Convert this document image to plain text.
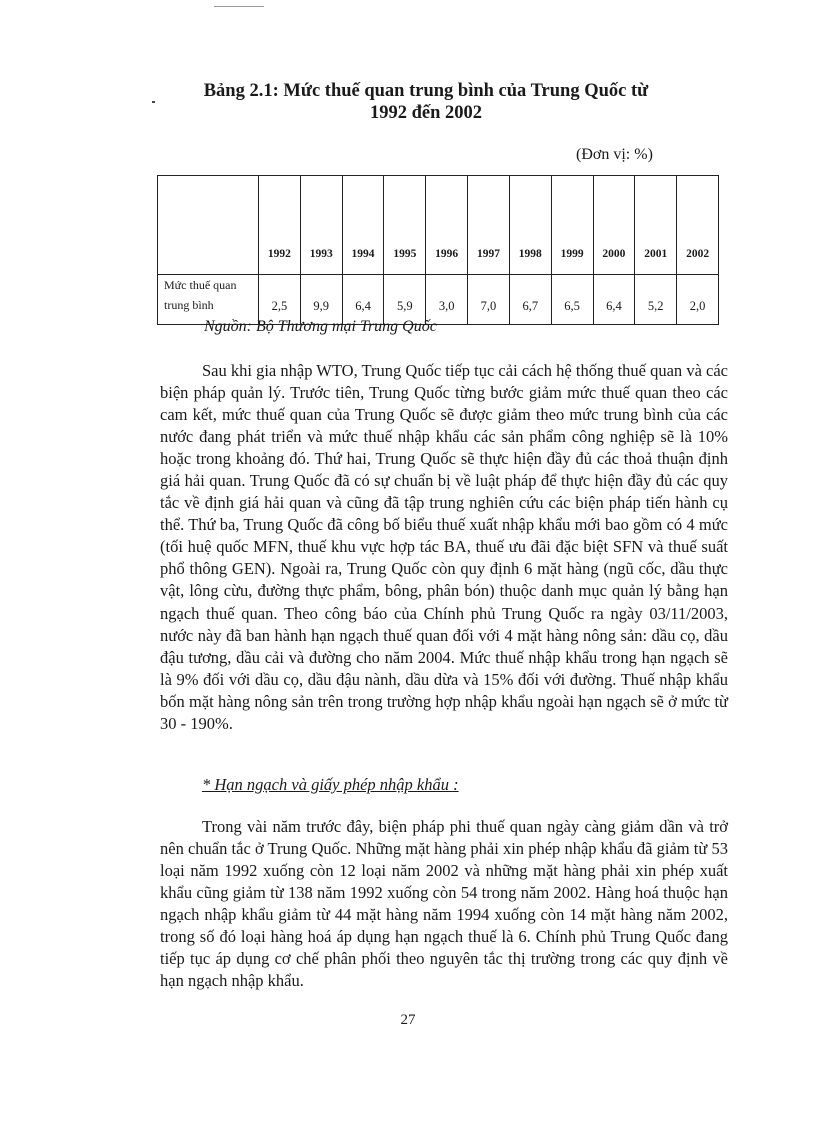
Bảng 2.1: Mức thuế quan trung bình của Trung Quốc từ
1992 đến 2002
(Đơn vị: %)
	1992	1993	1994	1995	1996	1997	1998	1999	2000	2001	2002

Mức thuế quan
trung bình	2,5	9,9	6,4	5,9	3,0	7,0	6,7	6,5	6,4	5,2	2,0
Nguồn: Bộ Thương mại Trung Quốc

Sau khi gia nhập WTO, Trung Quốc tiếp tục cải cách hệ thống thuế quan và các biện pháp quản lý. Trước tiên, Trung Quốc từng bước giảm mức thuế quan theo các cam kết, mức thuế quan của Trung Quốc sẽ được giảm theo mức trung bình của các nước đang phát triển và mức thuế nhập khẩu các sản phẩm công nghiệp sẽ là 10% hoặc trong khoảng đó. Thứ hai, Trung Quốc sẽ thực hiện đầy đủ các thoả thuận định giá hải quan. Trung Quốc đã có sự chuẩn bị về luật pháp để thực hiện đầy đủ các quy tắc về định giá hải quan và cũng đã tập trung nghiên cứu các biện pháp tiến hành cụ thể. Thứ ba, Trung Quốc đã công bố biểu thuế xuất nhập khẩu mới bao gồm có 4 mức (tối huệ quốc MFN, thuế khu vực hợp tác BA, thuế ưu đãi đặc biệt SFN và thuế suất phổ thông GEN). Ngoài ra, Trung Quốc còn quy định 6 mặt hàng (ngũ cốc, dầu thực vật, lông cừu, đường thực phẩm, bông, phân bón) thuộc danh mục quản lý bằng hạn ngạch thuế quan. Theo công báo của Chính phủ Trung Quốc ra ngày 03/11/2003, nước này đã ban hành hạn ngạch thuế quan đối với 4 mặt hàng nông sản: dầu cọ, dầu đậu tương, dầu cải và đường cho năm 2004. Mức thuế nhập khẩu trong hạn ngạch sẽ là 9% đối với dầu cọ, dầu đậu nành, dầu dừa và 15% đối với đường. Thuế nhập khẩu bốn mặt hàng nông sản trên trong trường hợp nhập khẩu ngoài hạn ngạch sẽ ở mức từ 30 - 190%.

* Hạn ngạch và giấy phép nhập khẩu :

Trong vài năm trước đây, biện pháp phi thuế quan ngày càng giảm dần và trở nên chuẩn tắc ở Trung Quốc. Những mặt hàng phải xin phép nhập khẩu đã giảm từ 53 loại năm 1992 xuống còn 12 loại năm 2002 và những mặt hàng phải xin phép xuất khẩu cũng giảm từ 138 năm 1992 xuống còn 54 trong năm 2002. Hàng hoá thuộc hạn ngạch nhập khẩu giảm từ 44 mặt hàng năm 1994 xuống còn 14 mặt hàng năm 2002, trong số đó loại hàng hoá áp dụng hạn ngạch thuế là 6. Chính phủ Trung Quốc đang tiếp tục áp dụng cơ chế phân phối theo nguyên tắc thị trường trong các quy định về hạn ngạch nhập khẩu.

27
